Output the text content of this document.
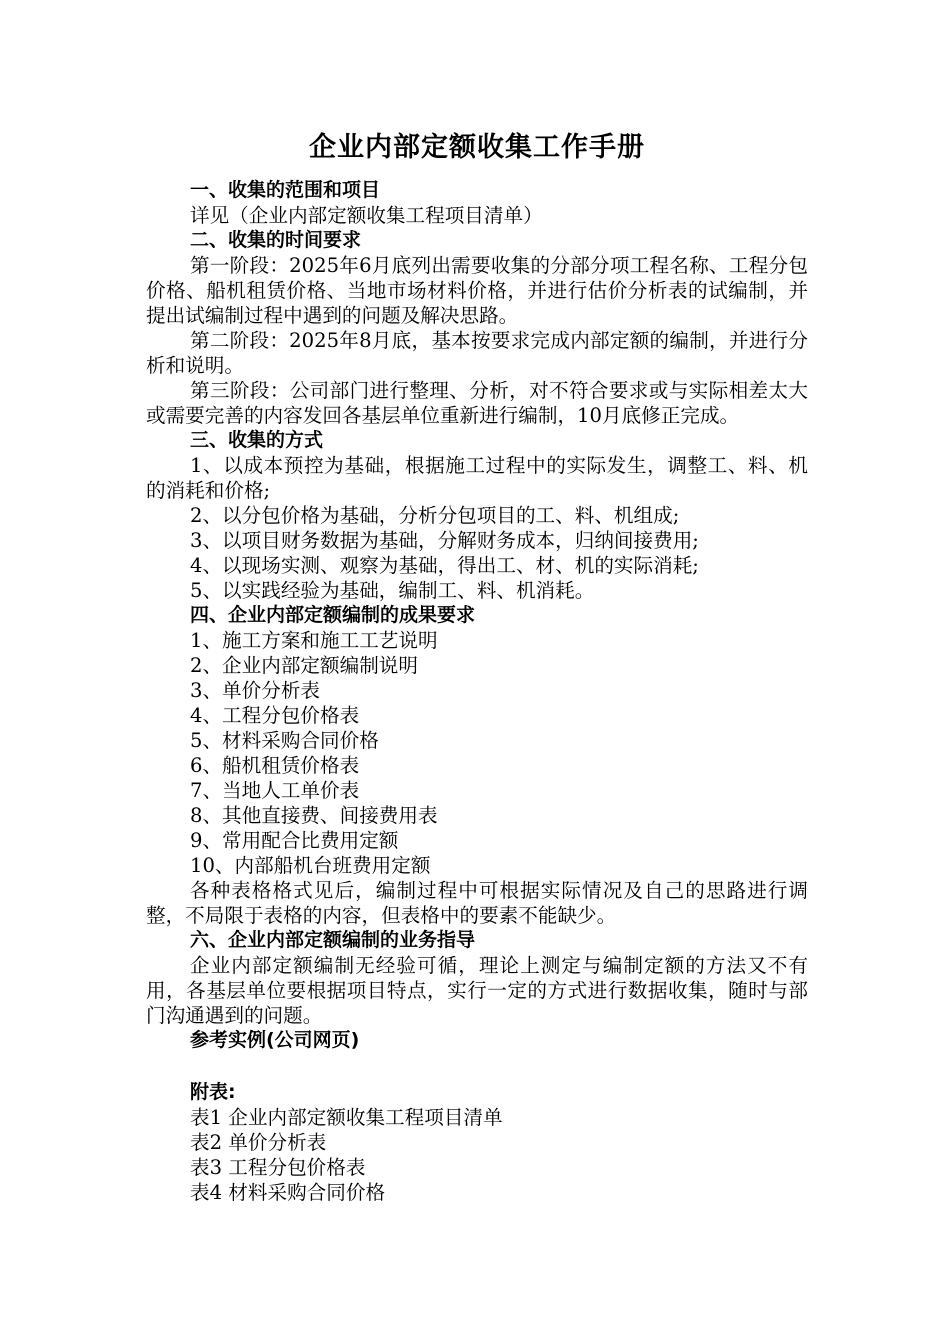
企业内部定额收集工作手册
一、收集的范围和项目
详见（企业内部定额收集工程项目清单）
二、收集的时间要求
第一阶段：2025年6月底列出需要收集的分部分项工程名称、工程分包价格、船机租赁价格、当地市场材料价格，并进行估价分析表的试编制，并提出试编制过程中遇到的问题及解决思路。
第二阶段：2025年8月底，基本按要求完成内部定额的编制，并进行分析和说明。
第三阶段：公司部门进行整理、分析，对不符合要求或与实际相差太大或需要完善的内容发回各基层单位重新进行编制，10月底修正完成。
三、收集的方式
1、以成本预控为基础，根据施工过程中的实际发生，调整工、料、机的消耗和价格;
2、以分包价格为基础，分析分包项目的工、料、机组成;
3、以项目财务数据为基础，分解财务成本，归纳间接费用;
4、以现场实测、观察为基础，得出工、材、机的实际消耗;
5、以实践经验为基础，编制工、料、机消耗。
四、企业内部定额编制的成果要求
1、施工方案和施工工艺说明
2、企业内部定额编制说明
3、单价分析表
4、工程分包价格表
5、材料采购合同价格
6、船机租赁价格表
7、当地人工单价表
8、其他直接费、间接费用表
9、常用配合比费用定额
10、内部船机台班费用定额
各种表格格式见后，编制过程中可根据实际情况及自己的思路进行调整，不局限于表格的内容，但表格中的要素不能缺少。
六、企业内部定额编制的业务指导
企业内部定额编制无经验可循，理论上测定与编制定额的方法又不有用，各基层单位要根据项目特点，实行一定的方式进行数据收集，随时与部门沟通遇到的问题。
参考实例(公司网页)
附表:
表1 企业内部定额收集工程项目清单
表2 单价分析表
表3 工程分包价格表
表4 材料采购合同价格
